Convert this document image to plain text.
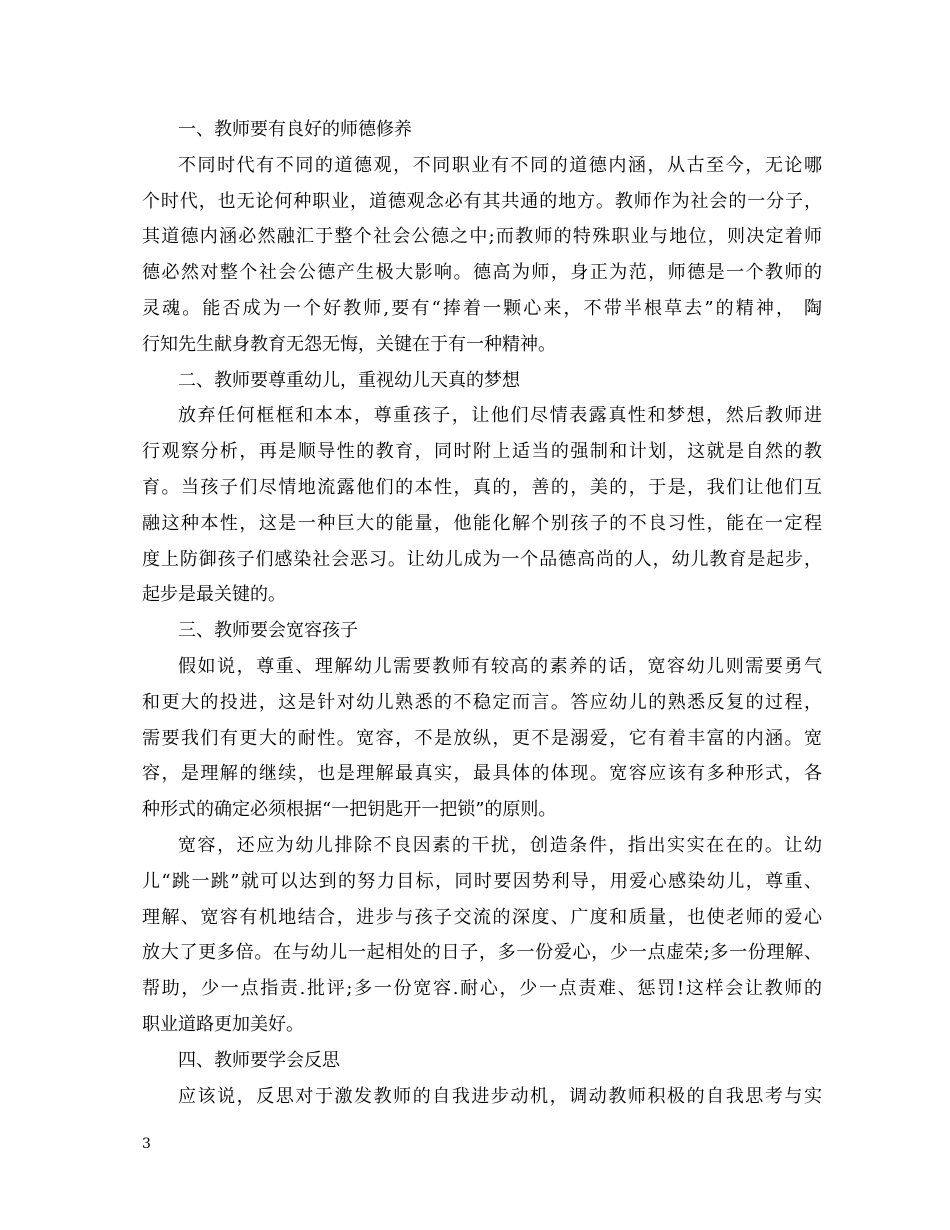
一、教师要有良好的师德修养
不同时代有不同的道德观，不同职业有不同的道德内涵，从古至今，无论哪
个时代，也无论何种职业，道德观念必有其共通的地方。教师作为社会的一分子，
其道德内涵必然融汇于整个社会公德之中;而教师的特殊职业与地位，则决定着师
德必然对整个社会公德产生极大影响。德高为师，身正为范，师德是一个教师的
灵魂。能否成为一个好教师,要有“捧着一颗心来，不带半根草去”的精神， 陶
行知先生献身教育无怨无悔，关键在于有一种精神。
二、教师要尊重幼儿，重视幼儿天真的梦想
放弃任何框框和本本，尊重孩子，让他们尽情表露真性和梦想，然后教师进
行观察分析，再是顺导性的教育，同时附上适当的强制和计划，这就是自然的教
育。当孩子们尽情地流露他们的本性，真的，善的，美的，于是，我们让他们互
融这种本性，这是一种巨大的能量，他能化解个别孩子的不良习性，能在一定程
度上防御孩子们感染社会恶习。让幼儿成为一个品德高尚的人，幼儿教育是起步，
起步是最关键的。
三、教师要会宽容孩子
假如说，尊重、理解幼儿需要教师有较高的素养的话，宽容幼儿则需要勇气
和更大的投进，这是针对幼儿熟悉的不稳定而言。答应幼儿的熟悉反复的过程，
需要我们有更大的耐性。宽容，不是放纵，更不是溺爱，它有着丰富的内涵。宽
容，是理解的继续，也是理解最真实，最具体的体现。宽容应该有多种形式，各
种形式的确定必须根据“一把钥匙开一把锁”的原则。
宽容，还应为幼儿排除不良因素的干扰，创造条件，指出实实在在的。让幼
儿“跳一跳”就可以达到的努力目标，同时要因势利导，用爱心感染幼儿，尊重、
理解、宽容有机地结合，进步与孩子交流的深度、广度和质量，也使老师的爱心
放大了更多倍。在与幼儿一起相处的日子，多一份爱心，少一点虚荣;多一份理解、
帮助，少一点指责.批评;多一份宽容.耐心，少一点责难、惩罚!这样会让教师的
职业道路更加美好。
四、教师要学会反思
应该说，反思对于激发教师的自我进步动机，调动教师积极的自我思考与实
3
